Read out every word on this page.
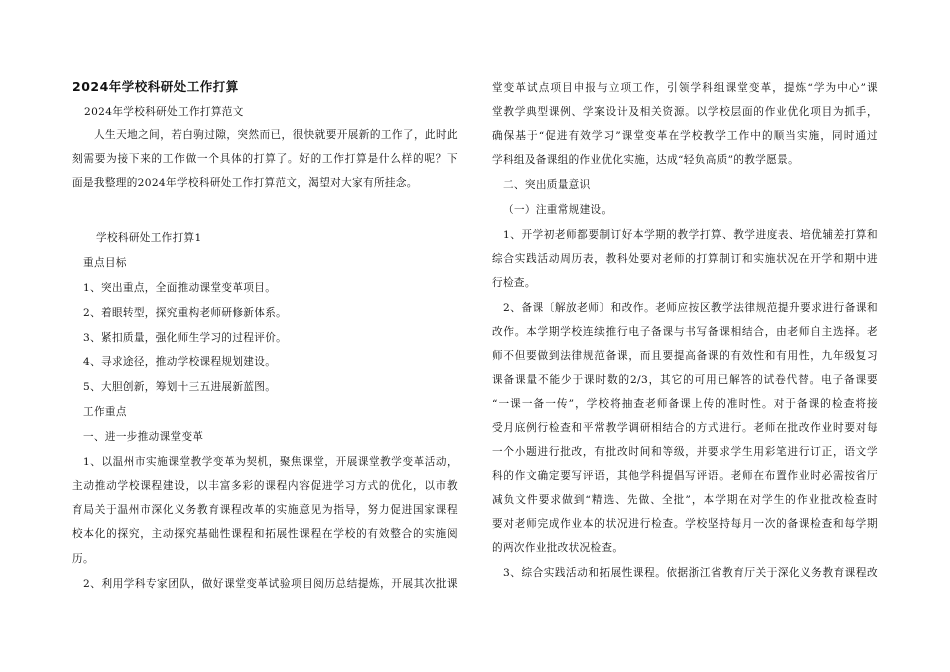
2024年学校科研处工作打算
2024年学校科研处工作打算范文
人生天地之间，若白驹过隙，突然而已，很快就要开展新的工作了，此时此
刻需要为接下来的工作做一个具体的打算了。好的工作打算是什么样的呢？下
面是我整理的2024年学校科研处工作打算范文，渴望对大家有所挂念。
学校科研处工作打算1
重点目标
1、突出重点，全面推动课堂变革项目。
2、着眼转型，探究重构老师研修新体系。
3、紧扣质量，强化师生学习的过程评价。
4、寻求途径，推动学校课程规划建设。
5、大胆创新，筹划十三五进展新蓝图。
工作重点
一、进一步推动课堂变革
1、以温州市实施课堂教学变革为契机，聚焦课堂，开展课堂教学变革活动，
主动推动学校课程建设，以丰富多彩的课程内容促进学习方式的优化，以市教
育局关于温州市深化义务教育课程改革的实施意见为指导，努力促进国家课程
校本化的探究，主动探究基础性课程和拓展性课程在学校的有效整合的实施阅
历。
2、利用学科专家团队，做好课堂变革试验项目阅历总结提炼，开展其次批课
堂变革试点项目申报与立项工作，引领学科组课堂变革，提炼“学为中心”课
堂教学典型课例、学案设计及相关资源。以学校层面的作业优化项目为抓手，
确保基于“促进有效学习”课堂变革在学校教学工作中的顺当实施，同时通过
学科组及备课组的作业优化实施，达成“轻负高质”的教学愿景。
二、突出质量意识
（一）注重常规建设。
1、开学初老师都要制订好本学期的教学打算、教学进度表、培优辅差打算和
综合实践活动周历表，教科处要对老师的打算制订和实施状况在开学和期中进
行检查。
2、备课〔解放老师〕和改作。老师应按区教学法律规范提升要求进行备课和
改作。本学期学校连续推行电子备课与书写备课相结合，由老师自主选择。老
师不但要做到法律规范备课，而且要提高备课的有效性和有用性，九年级复习
课备课量不能少于课时数的2/3，其它的可用已解答的试卷代替。电子备课要
“一课一备一传”，学校将抽查老师备课上传的准时性。对于备课的检查将接
受月底例行检查和平常教学调研相结合的方式进行。老师在批改作业时要对每
一个小题进行批改，有批改时间和等级，并要求学生用彩笔进行订正，语文学
科的作文确定要写评语，其他学科提倡写评语。老师在布置作业时必需按省厅
减负文件要求做到“精选、先做、全批”，本学期在对学生的作业批改检查时
要对老师完成作业本的状况进行检查。学校坚持每月一次的备课检查和每学期
的两次作业批改状况检查。
3、综合实践活动和拓展性课程。依据浙江省教育厅关于深化义务教育课程改
